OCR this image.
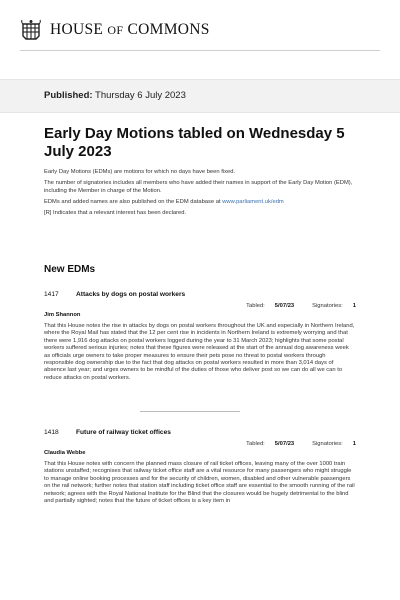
HOUSE OF COMMONS
Published: Thursday 6 July 2023
Early Day Motions tabled on Wednesday 5 July 2023

Early Day Motions (EDMs) are motions for which no days have been fixed.

The number of signatories includes all members who have added their names in support of the Early Day Motion (EDM), including the Member in charge of the Motion.

EDMs and added names are also published on the EDM database at www.parliament.uk/edm

[R] Indicates that a relevant interest has been declared.

New EDMs
1417	Attacks by dogs on postal workers
Tabled: 5/07/23	Signatories: 1
Jim Shannon
That this House notes the rise in attacks by dogs on postal workers throughout the UK and especially in Northern Ireland, where the Royal Mail has stated that the 12 per cent rise in incidents in Northern Ireland is extremely worrying and that there were 1,916 dog attacks on postal workers logged during the year to 31 March 2023; highlights that some postal workers suffered serious injuries; notes that these figures were released at the start of the annual dog awareness week as officials urge owners to take proper measures to ensure their pets pose no threat to postal workers through responsible dog ownership due to the fact that dog attacks on postal workers resulted in more than 3,014 days of absence last year; and urges owners to be mindful of the duties of those who deliver post so we can do all we can to reduce attacks on postal workers.
1418	Future of railway ticket offices
Tabled: 5/07/23	Signatories: 1
Claudia Webbe
That this House notes with concern the planned mass closure of rail ticket offices, leaving many of the over 1000 train stations unstaffed; recognises that railway ticket office staff are a vital resource for many passengers who might struggle to manage online booking processes and for the security of children, women, disabled and other vulnerable passengers on the rail network; further notes that station staff including ticket office staff are essential to the smooth running of the rail network; agrees with the Royal National Institute for the Blind that the closures would be hugely detrimental to the blind and partially sighted; notes that the future of ticket offices is a key item in
